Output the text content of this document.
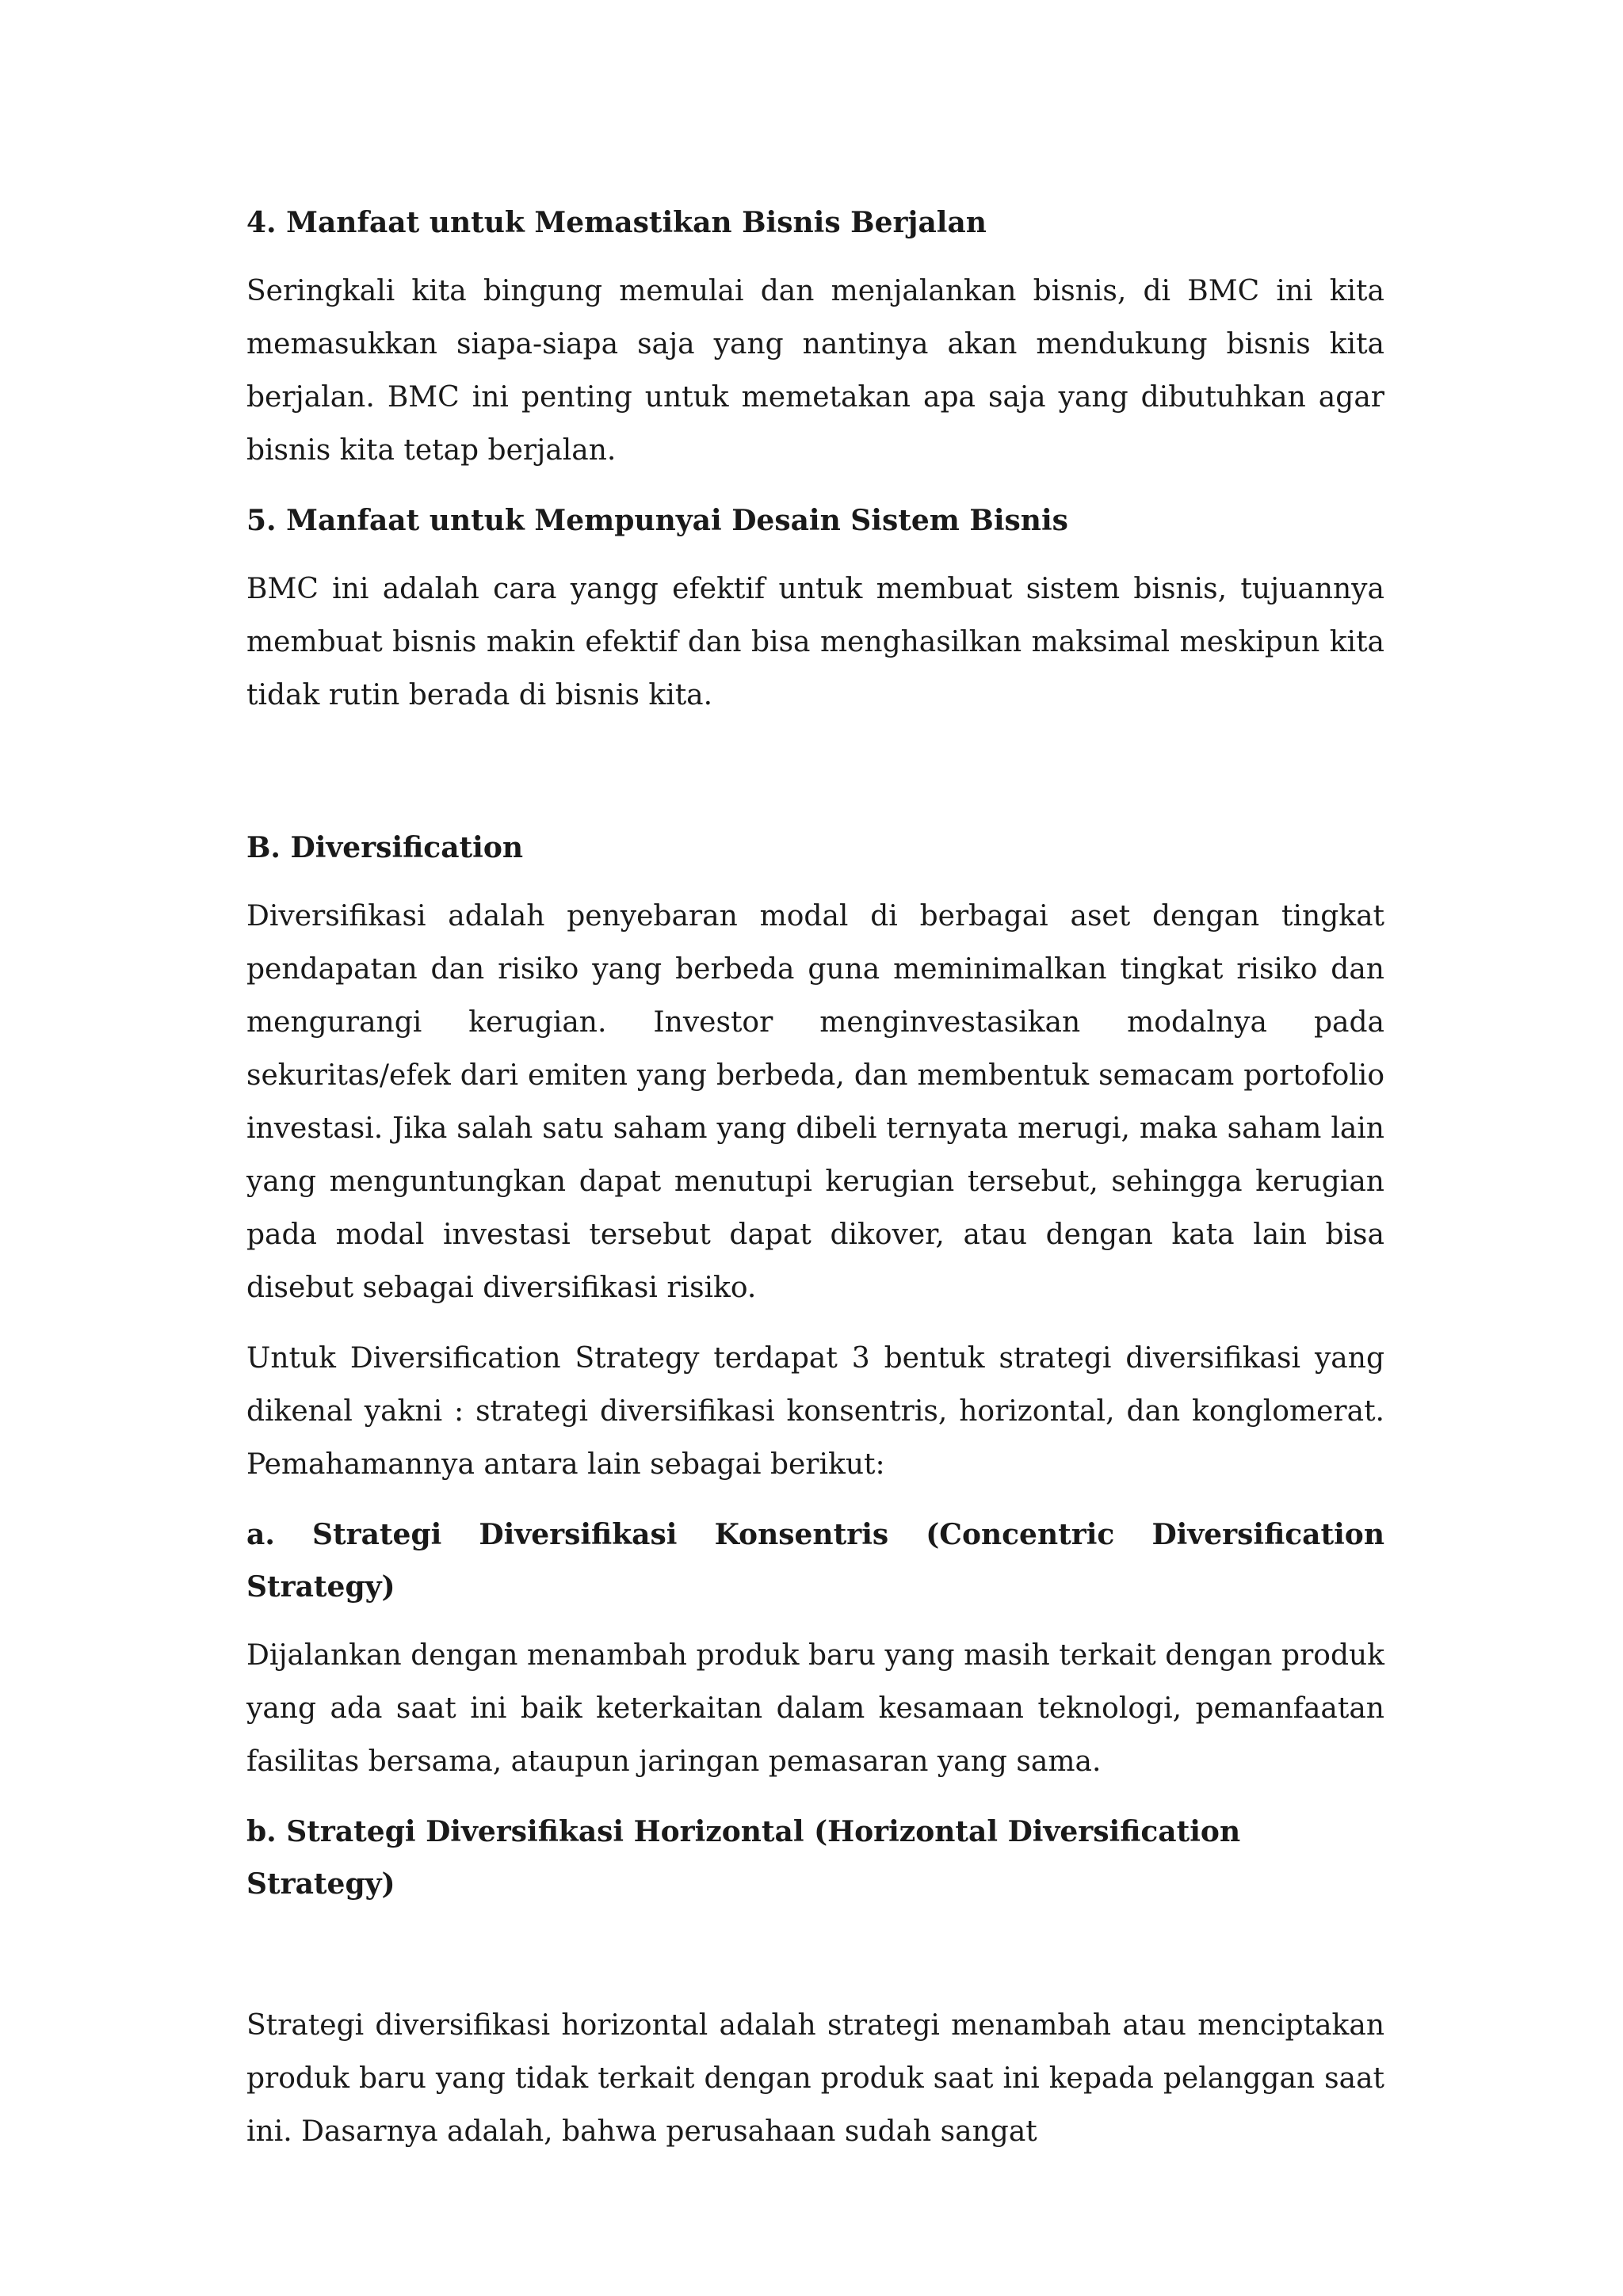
4. Manfaat untuk Memastikan Bisnis Berjalan

Seringkali kita bingung memulai dan menjalankan bisnis, di BMC ini kita memasukkan siapa-siapa saja yang nantinya akan mendukung bisnis kita berjalan. BMC ini penting untuk memetakan apa saja yang dibutuhkan agar bisnis kita tetap berjalan.

5. Manfaat untuk Mempunyai Desain Sistem Bisnis

BMC ini adalah cara yangg efektif untuk membuat sistem bisnis, tujuannya membuat bisnis makin efektif dan bisa menghasilkan maksimal meskipun kita tidak rutin berada di bisnis kita.

B. Diversification

Diversifikasi adalah penyebaran modal di berbagai aset dengan tingkat pendapatan dan risiko yang berbeda guna meminimalkan tingkat risiko dan mengurangi kerugian. Investor menginvestasikan modalnya pada sekuritas/efek dari emiten yang berbeda, dan membentuk semacam portofolio investasi. Jika salah satu saham yang dibeli ternyata merugi, maka saham lain yang menguntungkan dapat menutupi kerugian tersebut, sehingga kerugian pada modal investasi tersebut dapat dikover, atau dengan kata lain bisa disebut sebagai diversifikasi risiko.

Untuk Diversification Strategy terdapat 3 bentuk strategi diversifikasi yang dikenal yakni : strategi diversifikasi konsentris, horizontal, dan konglomerat. Pemahamannya antara lain sebagai berikut:

a. Strategi Diversifikasi Konsentris (Concentric Diversification Strategy)

Dijalankan dengan menambah produk baru yang masih terkait dengan produk yang ada saat ini baik keterkaitan dalam kesamaan teknologi, pemanfaatan fasilitas bersama, ataupun jaringan pemasaran yang sama.

b. Strategi Diversifikasi Horizontal (Horizontal Diversification Strategy)

Strategi diversifikasi horizontal adalah strategi menambah atau menciptakan produk baru yang tidak terkait dengan produk saat ini kepada pelanggan saat ini. Dasarnya adalah, bahwa perusahaan sudah sangat
